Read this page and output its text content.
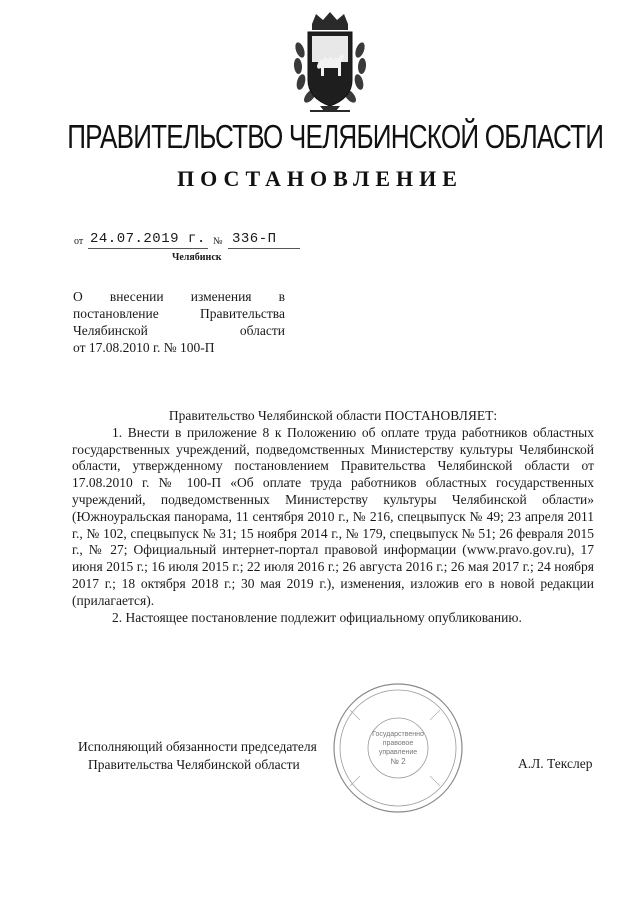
ПРАВИТЕЛЬСТВО ЧЕЛЯБИНСКОЙ ОБЛАСТИ
ПОСТАНОВЛЕНИЕ
от 24.07.2019 г. № 336-П
Челябинск
О внесении изменения в
постановление Правительства
Челябинской области
от 17.08.2010 г. № 100-П

Правительство Челябинской области ПОСТАНОВЛЯЕТ:

1. Внести в приложение 8 к Положению об оплате труда работников областных государственных учреждений, подведомственных Министерству культуры Челябинской области, утвержденному постановлением Правительства Челябинской области от 17.08.2010 г. № 100-П «Об оплате труда работников областных государственных учреждений, подведомственных Министерству культуры Челябинской области» (Южноуральская панорама, 11 сентября 2010 г., № 216, спецвыпуск № 49; 23 апреля 2011 г., № 102, спецвыпуск № 31; 15 ноября 2014 г., № 179, спецвыпуск № 51; 26 февраля 2015 г., № 27; Официальный интернет-портал правовой информации (www.pravo.gov.ru), 17 июня 2015 г.; 16 июля 2015 г.; 22 июля 2016 г.; 26 августа 2016 г.; 26 мая 2017 г.; 24 ноября 2017 г.; 18 октября 2018 г.; 30 мая 2019 г.), изменения, изложив его в новой редакции (прилагается).

2. Настоящее постановление подлежит официальному опубликованию.

Государственно
правовое
управление
№ 2
Исполняющий обязанности председателя
Правительства Челябинской области	А.Л. Текслер
